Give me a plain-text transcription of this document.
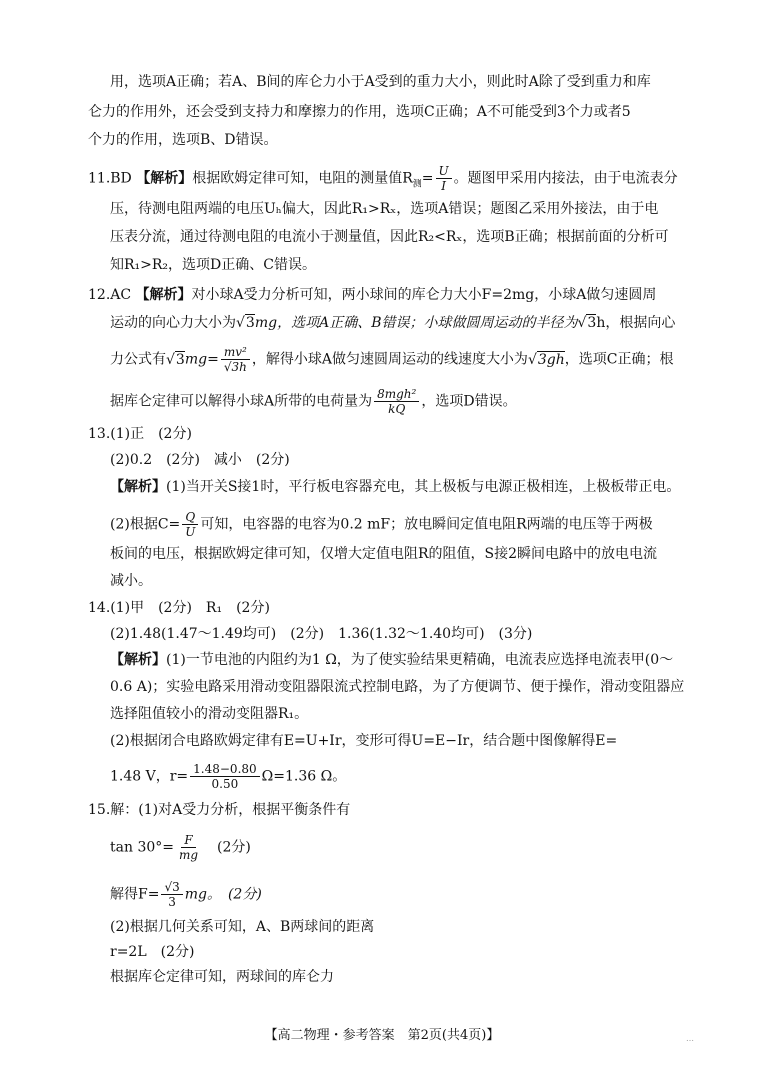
用，选项A正确；若A、B间的库仑力小于A受到的重力大小，则此时A除了受到重力和库
仑力的作用外，还会受到支持力和摩擦力的作用，选项C正确；A不可能受到3个力或者5
个力的作用，选项B、D错误。
11.BD 【解析】根据欧姆定律可知，电阻的测量值$R_测= \frac{U}{I}$ 。题图甲采用内接法，由于电流表分
压，待测电阻两端的电压Uₕ偏大，因此R₁>Rₓ，选项A错误；题图乙采用外接法，由于电
压表分流，通过待测电阻的电流小于测量值，因此R₂<Rₓ，选项B正确；根据前面的分析可
知R₁>R₂，选项D正确、C错误。
12.AC 【解析】对小球A受力分析可知，两小球间的库仑力大小F=2mg，小球A做匀速圆周
运动的向心力大小为√3mg，选项A正确、B错误；小球做圆周运动的半径为√3h，根据向心
力公式有$√3mg= \frac{\text{mv²}}{√3h}$ ，解得小球A做匀速圆周运动的线速度大小为√3gh，选项C正确；根
据库仑定律可以解得小球A所带的电荷量为 $\frac{\text{8mgh²}}{kQ}$ ，选项D错误。
13.(1)正　(2分)
(2)0.2　(2分)　减小　(2分)
【解析】(1)当开关S接1时，平行板电容器充电，其上极板与电源正极相连，上极板带正电。
(2)根据$C= \frac{Q}{U}$ 可知，电容器的电容为0.2 mF；放电瞬间定值电阻R两端的电压等于两极
板间的电压，根据欧姆定律可知，仅增大定值电阻R的阻值，S接2瞬间电路中的放电电流
减小。
14.(1)甲　(2分)　R₁　(2分)
(2)1.48(1.47～1.49均可)　(2分)　1.36(1.32～1.40均可)　(3分)
【解析】(1)一节电池的内阻约为1 Ω，为了使实验结果更精确，电流表应选择电流表甲(0～
0.6 A)；实验电路采用滑动变阻器限流式控制电路，为了方便调节、便于操作，滑动变阻器应
选择阻值较小的滑动变阻器R₁。
(2)根据闭合电路欧姆定律有E=U+Ir，变形可得U=E−Ir，结合题中图像解得E=
1.48 V，$r= \frac{1.48-0.80}{0.50} \Omega=1.36$ Ω。
15.解：(1)对A受力分析，根据平衡条件有
$\tan 30^\circ= \frac{F}{mg}$ 　(2分)
解得$F= \frac{√3}{3}$ mg。　(2分)
(2)根据几何关系可知，A、B两球间的距离
r=2L　(2分)
根据库仑定律可知，两球间的库仑力
【高二物理・参考答案　第2页(共4页)】	…
